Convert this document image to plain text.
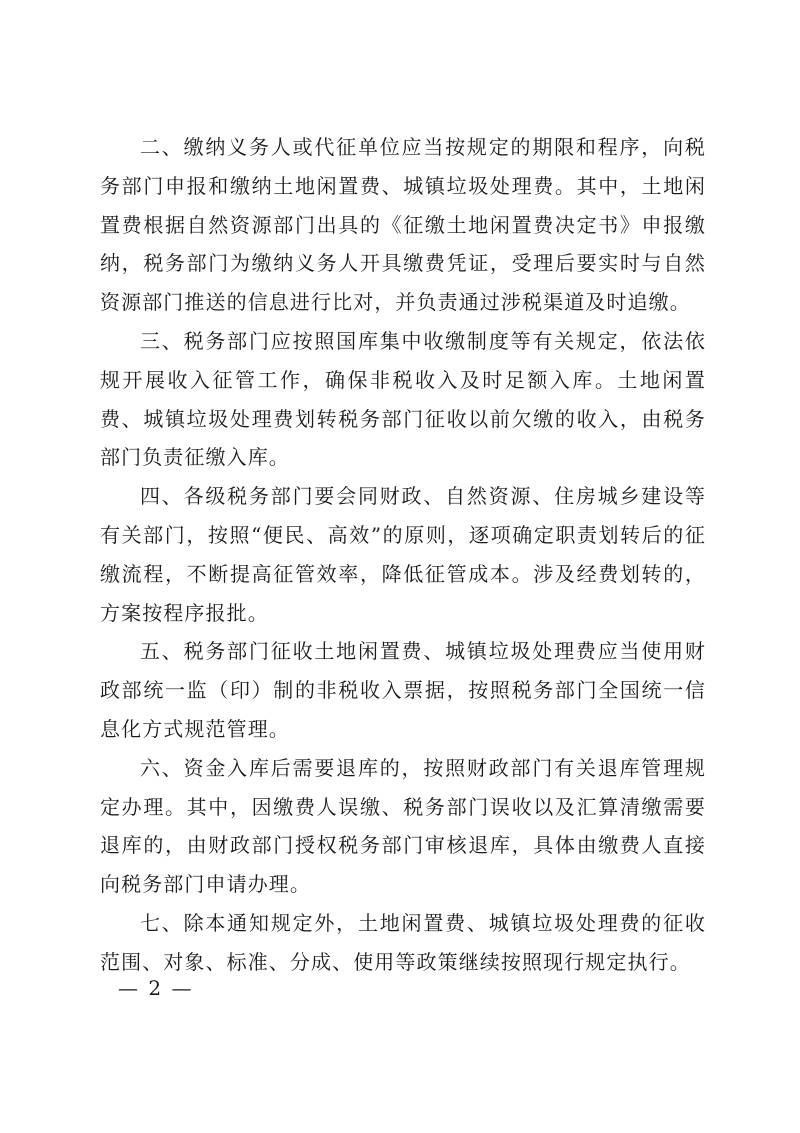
二、缴纳义务人或代征单位应当按规定的期限和程序，向税务部门申报和缴纳土地闲置费、城镇垃圾处理费。其中，土地闲置费根据自然资源部门出具的《征缴土地闲置费决定书》申报缴纳，税务部门为缴纳义务人开具缴费凭证，受理后要实时与自然资源部门推送的信息进行比对，并负责通过涉税渠道及时追缴。

三、税务部门应按照国库集中收缴制度等有关规定，依法依规开展收入征管工作，确保非税收入及时足额入库。土地闲置费、城镇垃圾处理费划转税务部门征收以前欠缴的收入，由税务部门负责征缴入库。

四、各级税务部门要会同财政、自然资源、住房城乡建设等有关部门，按照“便民、高效”的原则，逐项确定职责划转后的征缴流程，不断提高征管效率，降低征管成本。涉及经费划转的，方案按程序报批。

五、税务部门征收土地闲置费、城镇垃圾处理费应当使用财政部统一监（印）制的非税收入票据，按照税务部门全国统一信息化方式规范管理。

六、资金入库后需要退库的，按照财政部门有关退库管理规定办理。其中，因缴费人误缴、税务部门误收以及汇算清缴需要退库的，由财政部门授权税务部门审核退库，具体由缴费人直接向税务部门申请办理。

七、除本通知规定外，土地闲置费、城镇垃圾处理费的征收范围、对象、标准、分成、使用等政策继续按照现行规定执行。

— 2 —
